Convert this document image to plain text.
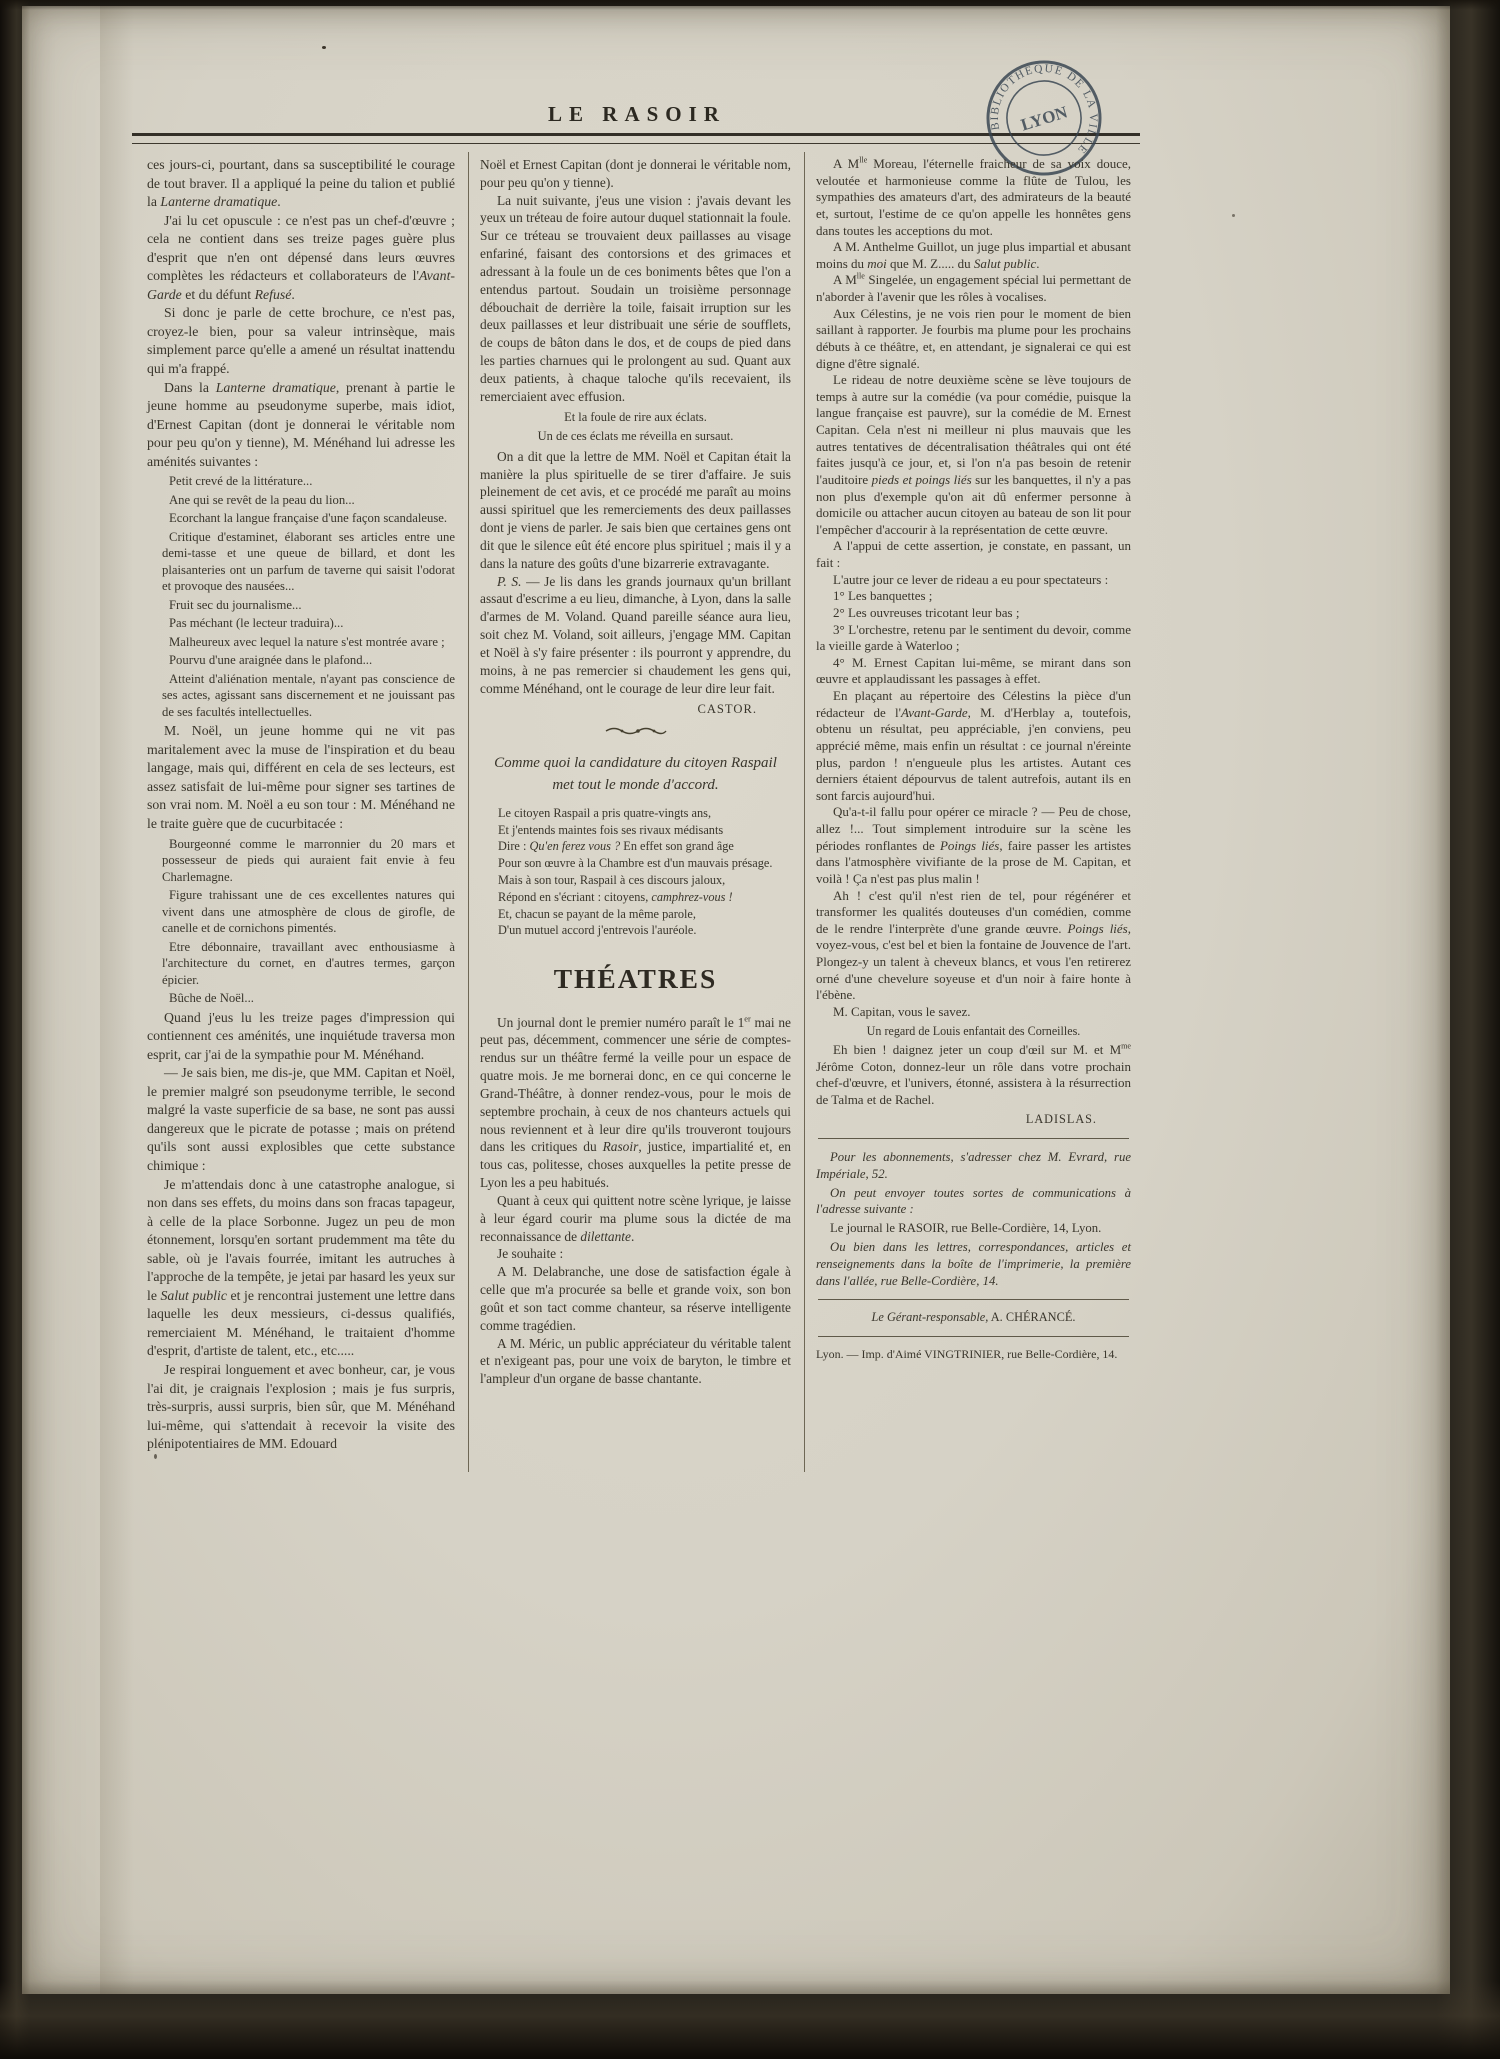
LE RASOIR	BIBLIOTHÈQUE DE LA VILLE
LYON

ces jours-ci, pourtant, dans sa susceptibilité le courage de tout braver. Il a appliqué la peine du talion et publié la Lanterne dramatique.

J'ai lu cet opuscule : ce n'est pas un chef-d'œuvre ; cela ne contient dans ses treize pages guère plus d'esprit que n'en ont dépensé dans leurs œuvres complètes les rédacteurs et collaborateurs de l'Avant-Garde et du défunt Refusé.

Si donc je parle de cette brochure, ce n'est pas, croyez-le bien, pour sa valeur intrinsèque, mais simplement parce qu'elle a amené un résultat inattendu qui m'a frappé.

Dans la Lanterne dramatique, prenant à partie le jeune homme au pseudonyme superbe, mais idiot, d'Ernest Capitan (dont je donnerai le véritable nom pour peu qu'on y tienne), M. Ménéhand lui adresse les aménités suivantes :

Petit crevé de la littérature...

Ane qui se revêt de la peau du lion...

Ecorchant la langue française d'une façon scandaleuse.

Critique d'estaminet, élaborant ses articles entre une demi-tasse et une queue de billard, et dont les plaisanteries ont un parfum de taverne qui saisit l'odorat et provoque des nausées...

Fruit sec du journalisme...

Pas méchant (le lecteur traduira)...

Malheureux avec lequel la nature s'est montrée avare ;

Pourvu d'une araignée dans le plafond...

Atteint d'aliénation mentale, n'ayant pas conscience de ses actes, agissant sans discernement et ne jouissant pas de ses facultés intellectuelles.

M. Noël, un jeune homme qui ne vit pas maritalement avec la muse de l'inspiration et du beau langage, mais qui, différent en cela de ses lecteurs, est assez satisfait de lui-même pour signer ses tartines de son vrai nom. M. Noël a eu son tour : M. Ménéhand ne le traite guère que de cucurbitacée :

Bourgeonné comme le marronnier du 20 mars et possesseur de pieds qui auraient fait envie à feu Charlemagne.

Figure trahissant une de ces excellentes natures qui vivent dans une atmosphère de clous de girofle, de canelle et de cornichons pimentés.

Etre débonnaire, travaillant avec enthousiasme à l'architecture du cornet, en d'autres termes, garçon épicier.

Bûche de Noël...

Quand j'eus lu les treize pages d'impression qui contiennent ces aménités, une inquiétude traversa mon esprit, car j'ai de la sympathie pour M. Ménéhand.

— Je sais bien, me dis-je, que MM. Capitan et Noël, le premier malgré son pseudonyme terrible, le second malgré la vaste superficie de sa base, ne sont pas aussi dangereux que le picrate de potasse ; mais on prétend qu'ils sont aussi explosibles que cette substance chimique :

Je m'attendais donc à une catastrophe analogue, si non dans ses effets, du moins dans son fracas tapageur, à celle de la place Sorbonne. Jugez un peu de mon étonnement, lorsqu'en sortant prudemment ma tête du sable, où je l'avais fourrée, imitant les autruches à l'approche de la tempête, je jetai par hasard les yeux sur le Salut public et je rencontrai justement une lettre dans laquelle les deux messieurs, ci-dessus qualifiés, remerciaient M. Ménéhand, le traitaient d'homme d'esprit, d'artiste de talent, etc., etc.....

Je respirai longuement et avec bonheur, car, je vous l'ai dit, je craignais l'explosion ; mais je fus surpris, très-surpris, aussi surpris, bien sûr, que M. Ménéhand lui-même, qui s'attendait à recevoir la visite des plénipotentiaires de MM. Edouard

Noël et Ernest Capitan (dont je donnerai le véritable nom, pour peu qu'on y tienne).

La nuit suivante, j'eus une vision : j'avais devant les yeux un tréteau de foire autour duquel stationnait la foule. Sur ce tréteau se trouvaient deux paillasses au visage enfariné, faisant des contorsions et des grimaces et adressant à la foule un de ces boniments bêtes que l'on a entendus partout. Soudain un troisième personnage débouchait de derrière la toile, faisait irruption sur les deux paillasses et leur distribuait une série de soufflets, de coups de bâton dans le dos, et de coups de pied dans les parties charnues qui le prolongent au sud. Quant aux deux patients, à chaque taloche qu'ils recevaient, ils remerciaient avec effusion.

Et la foule de rire aux éclats.

Un de ces éclats me réveilla en sursaut.

On a dit que la lettre de MM. Noël et Capitan était la manière la plus spirituelle de se tirer d'affaire. Je suis pleinement de cet avis, et ce procédé me paraît au moins aussi spirituel que les remerciements des deux paillasses dont je viens de parler. Je sais bien que certaines gens ont dit que le silence eût été encore plus spirituel ; mais il y a dans la nature des goûts d'une bizarrerie extravagante.

P. S. — Je lis dans les grands journaux qu'un brillant assaut d'escrime a eu lieu, dimanche, à Lyon, dans la salle d'armes de M. Voland. Quand pareille séance aura lieu, soit chez M. Voland, soit ailleurs, j'engage MM. Capitan et Noël à s'y faire présenter : ils pourront y apprendre, du moins, à ne pas remercier si chaudement les gens qui, comme Ménéhand, ont le courage de leur dire leur fait.

CASTOR.

Comme quoi la candidature du citoyen Raspail met tout le monde d'accord.

Le citoyen Raspail a pris quatre-vingts ans,
Et j'entends maintes fois ses rivaux médisants
Dire : Qu'en ferez vous ? En effet son grand âge
Pour son œuvre à la Chambre est d'un mauvais présage.
Mais à son tour, Raspail à ces discours jaloux,
Répond en s'écriant : citoyens, camphrez-vous !
Et, chacun se payant de la même parole,
D'un mutuel accord j'entrevois l'auréole.

THÉATRES

Un journal dont le premier numéro paraît le 1er mai ne peut pas, décemment, commencer une série de comptes-rendus sur un théâtre fermé la veille pour un espace de quatre mois. Je me bornerai donc, en ce qui concerne le Grand-Théâtre, à donner rendez-vous, pour le mois de septembre prochain, à ceux de nos chanteurs actuels qui nous reviennent et à leur dire qu'ils trouveront toujours dans les critiques du Rasoir, justice, impartialité et, en tous cas, politesse, choses auxquelles la petite presse de Lyon les a peu habitués.

Quant à ceux qui quittent notre scène lyrique, je laisse à leur égard courir ma plume sous la dictée de ma reconnaissance de dilettante.

Je souhaite :

A M. Delabranche, une dose de satisfaction égale à celle que m'a procurée sa belle et grande voix, son bon goût et son tact comme chanteur, sa réserve intelligente comme tragédien.

A M. Méric, un public appréciateur du véritable talent et n'exigeant pas, pour une voix de baryton, le timbre et l'ampleur d'un organe de basse chantante.

A $M^{lle}$ Moreau, l'éternelle fraicheur de sa voix douce, veloutée et harmonieuse comme la flûte de Tulou, les sympathies des amateurs d'art, des admirateurs de la beauté et, surtout, l'estime de ce qu'on appelle les honnêtes gens dans toutes les acceptions du mot.

A M. Anthelme Guillot, un juge plus impartial et abusant moins du moi que M. Z..... du Salut public.

A $M^{lle}$ Singelée, un engagement spécial lui permettant de n'aborder à l'avenir que les rôles à vocalises.

Aux Célestins, je ne vois rien pour le moment de bien saillant à rapporter. Je fourbis ma plume pour les prochains débuts à ce théâtre, et, en attendant, je signalerai ce qui est digne d'être signalé.

Le rideau de notre deuxième scène se lève toujours de temps à autre sur la comédie (va pour comédie, puisque la langue française est pauvre), sur la comédie de M. Ernest Capitan. Cela n'est ni meilleur ni plus mauvais que les autres tentatives de décentralisation théâtrales qui ont été faites jusqu'à ce jour, et, si l'on n'a pas besoin de retenir l'auditoire pieds et poings liés sur les banquettes, il n'y a pas non plus d'exemple qu'on ait dû enfermer personne à domicile ou attacher aucun citoyen au bateau de son lit pour l'empêcher d'accourir à la représentation de cette œuvre.

A l'appui de cette assertion, je constate, en passant, un fait :

L'autre jour ce lever de rideau a eu pour spectateurs :

1° Les banquettes ;

2° Les ouvreuses tricotant leur bas ;

3° L'orchestre, retenu par le sentiment du devoir, comme la vieille garde à Waterloo ;

4° M. Ernest Capitan lui-même, se mirant dans son œuvre et applaudissant les passages à effet.

En plaçant au répertoire des Célestins la pièce d'un rédacteur de l'Avant-Garde, M. d'Herblay a, toutefois, obtenu un résultat, peu appréciable, j'en conviens, peu apprécié même, mais enfin un résultat : ce journal n'éreinte plus, pardon ! n'engueule plus les artistes. Autant ces derniers étaient dépourvus de talent autrefois, autant ils en sont farcis aujourd'hui.

Qu'a-t-il fallu pour opérer ce miracle ? — Peu de chose, allez !... Tout simplement introduire sur la scène les périodes ronflantes de Poings liés, faire passer les artistes dans l'atmosphère vivifiante de la prose de M. Capitan, et voilà ! Ça n'est pas plus malin !

Ah ! c'est qu'il n'est rien de tel, pour régénérer et transformer les qualités douteuses d'un comédien, comme de le rendre l'interprète d'une grande œuvre. Poings liés, voyez-vous, c'est bel et bien la fontaine de Jouvence de l'art. Plongez-y un talent à cheveux blancs, et vous l'en retirerez orné d'une chevelure soyeuse et d'un noir à faire honte à l'ébène.

M. Capitan, vous le savez.

Un regard de Louis enfantait des Corneilles.

Eh bien ! daignez jeter un coup d'œil sur M. et $M^{me}$ Jérôme Coton, donnez-leur un rôle dans votre prochain chef-d'œuvre, et l'univers, étonné, assistera à la résurrection de Talma et de Rachel.

LADISLAS.

Pour les abonnements, s'adresser chez M. Evrard, rue Impériale, 52.

On peut envoyer toutes sortes de communications à l'adresse suivante :

Le journal le RASOIR, rue Belle-Cordière, 14, Lyon.

Ou bien dans les lettres, correspondances, articles et renseignements dans la boîte de l'imprimerie, la première dans l'allée, rue Belle-Cordière, 14.

Le Gérant-responsable, A. CHÉRANCÉ.

Lyon. — Imp. d'Aimé VINGTRINIER, rue Belle-Cordière, 14.
